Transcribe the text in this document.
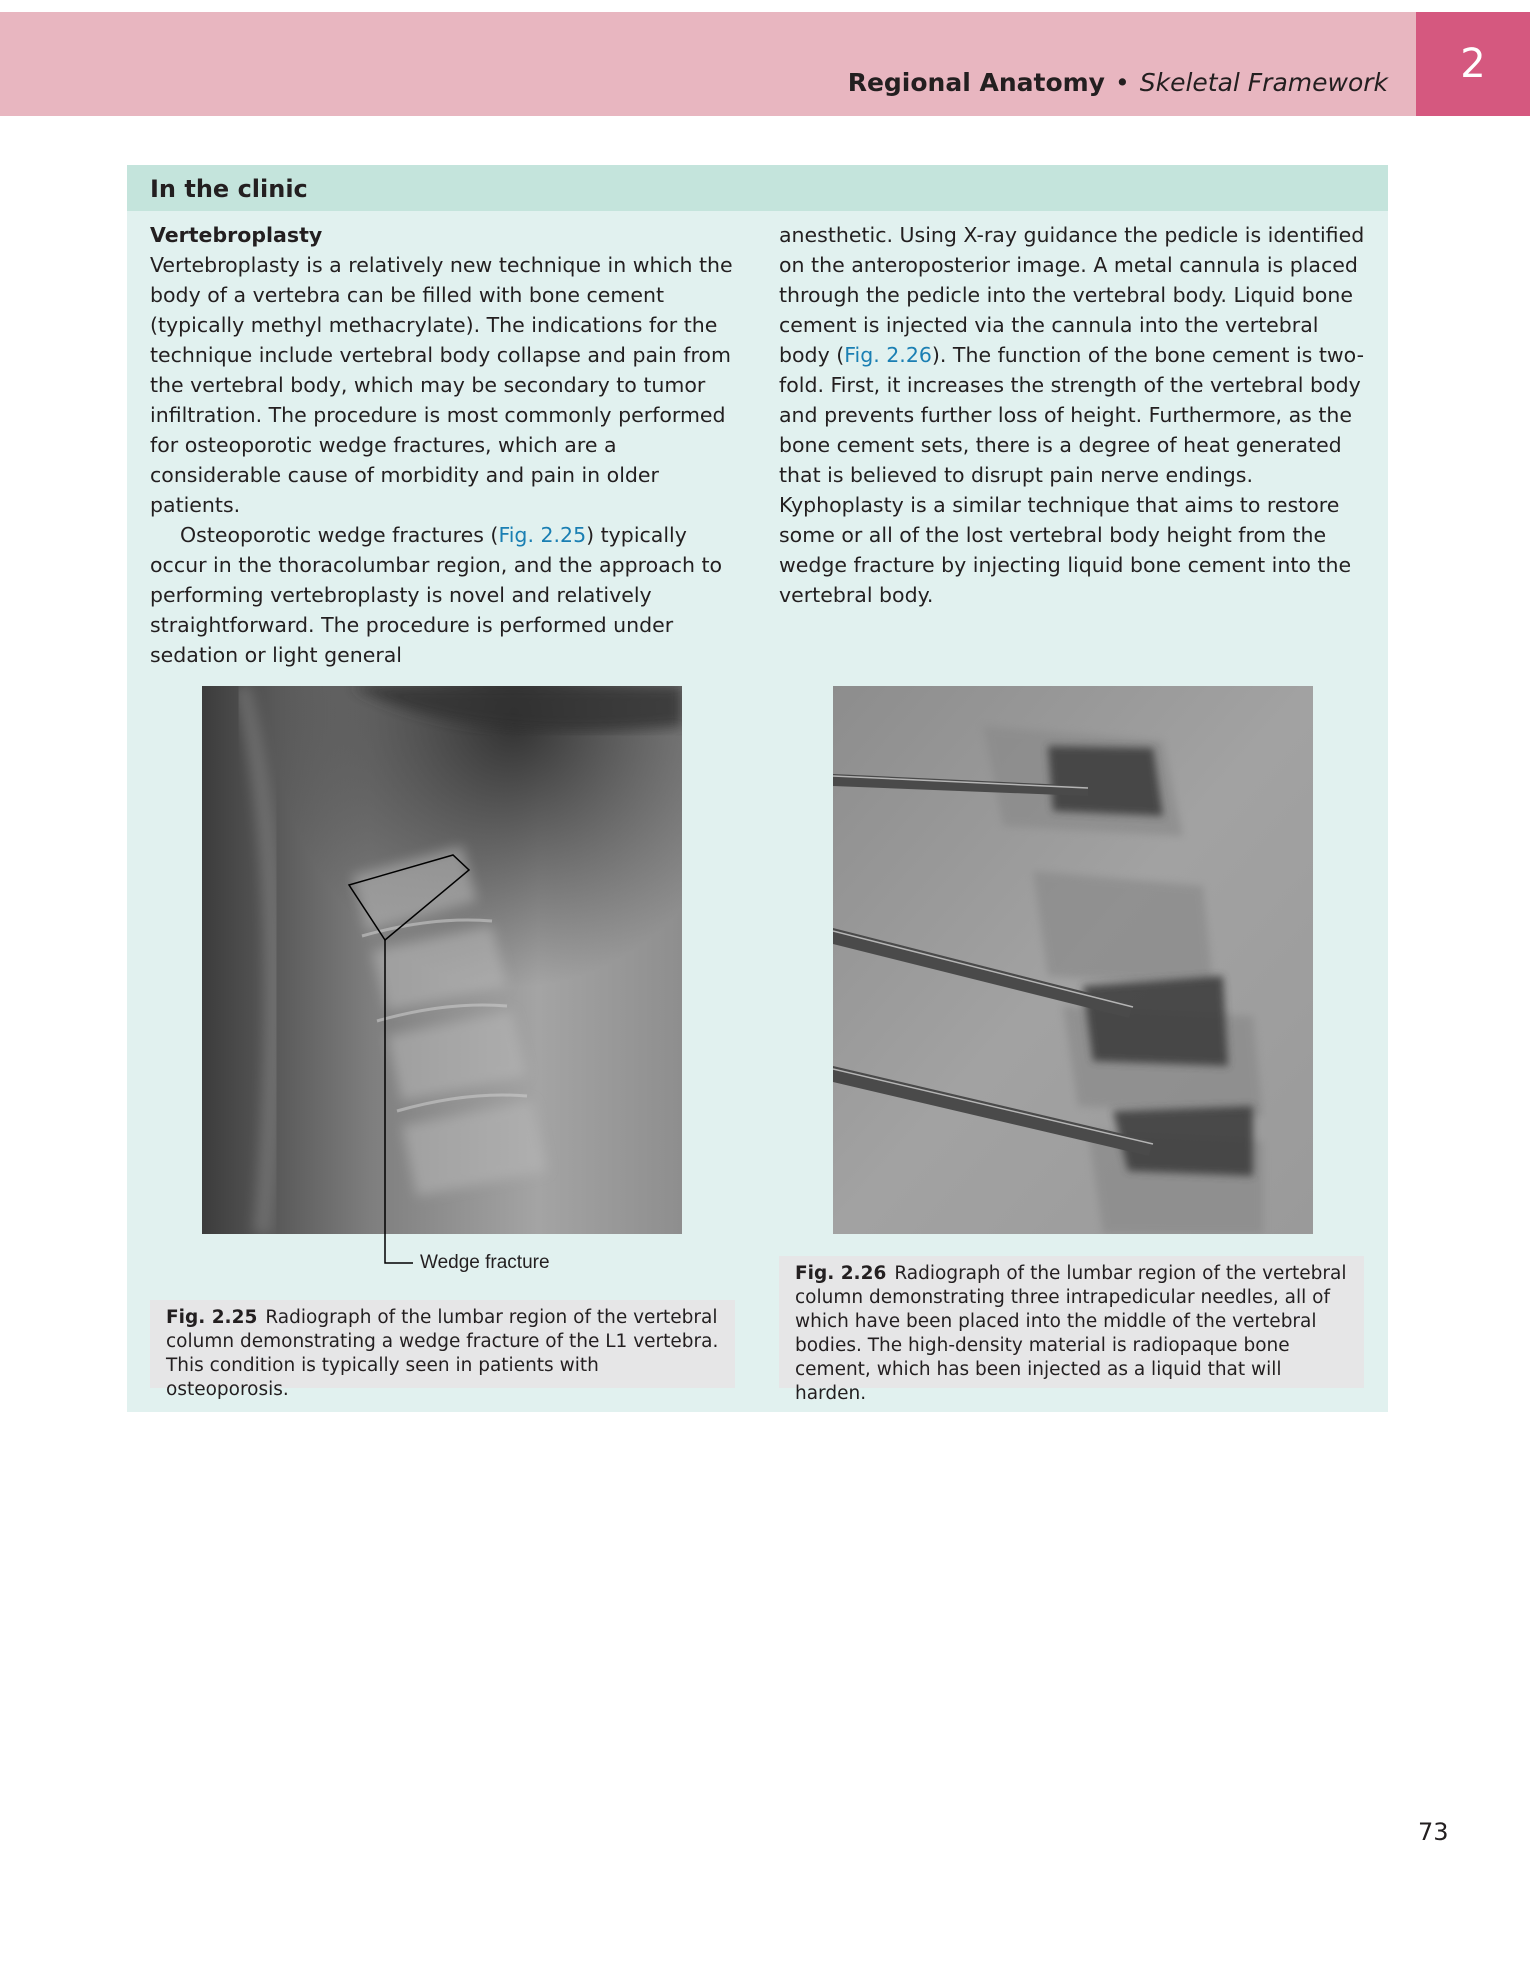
Regional Anatomy • Skeletal Framework 2
In the clinic

Vertebroplasty

Vertebroplasty is a relatively new technique in which the body of a vertebra can be filled with bone cement (typically methyl methacrylate). The indications for the technique include vertebral body collapse and pain from the vertebral body, which may be secondary to tumor infiltration. The procedure is most commonly performed for osteoporotic wedge fractures, which are a considerable cause of morbidity and pain in older patients.

Osteoporotic wedge fractures (Fig. 2.25) typically occur in the thoracolumbar region, and the approach to performing vertebroplasty is novel and relatively straightforward. The procedure is performed under sedation or light general

anesthetic. Using X-ray guidance the pedicle is identified on the anteroposterior image. A metal cannula is placed through the pedicle into the vertebral body. Liquid bone cement is injected via the cannula into the vertebral body (Fig. 2.26). The function of the bone cement is two-fold. First, it increases the strength of the vertebral body and prevents further loss of height. Furthermore, as the bone cement sets, there is a degree of heat generated that is believed to disrupt pain nerve endings. Kyphoplasty is a similar technique that aims to restore some or all of the lost vertebral body height from the wedge fracture by injecting liquid bone cement into the vertebral body.

Wedge fracture
Fig. 2.25 Radiograph of the lumbar region of the vertebral column demonstrating a wedge fracture of the L1 vertebra. This condition is typically seen in patients with osteoporosis.
Fig. 2.26 Radiograph of the lumbar region of the vertebral column demonstrating three intrapedicular needles, all of which have been placed into the middle of the vertebral bodies. The high-density material is radiopaque bone cement, which has been injected as a liquid that will harden.
73
